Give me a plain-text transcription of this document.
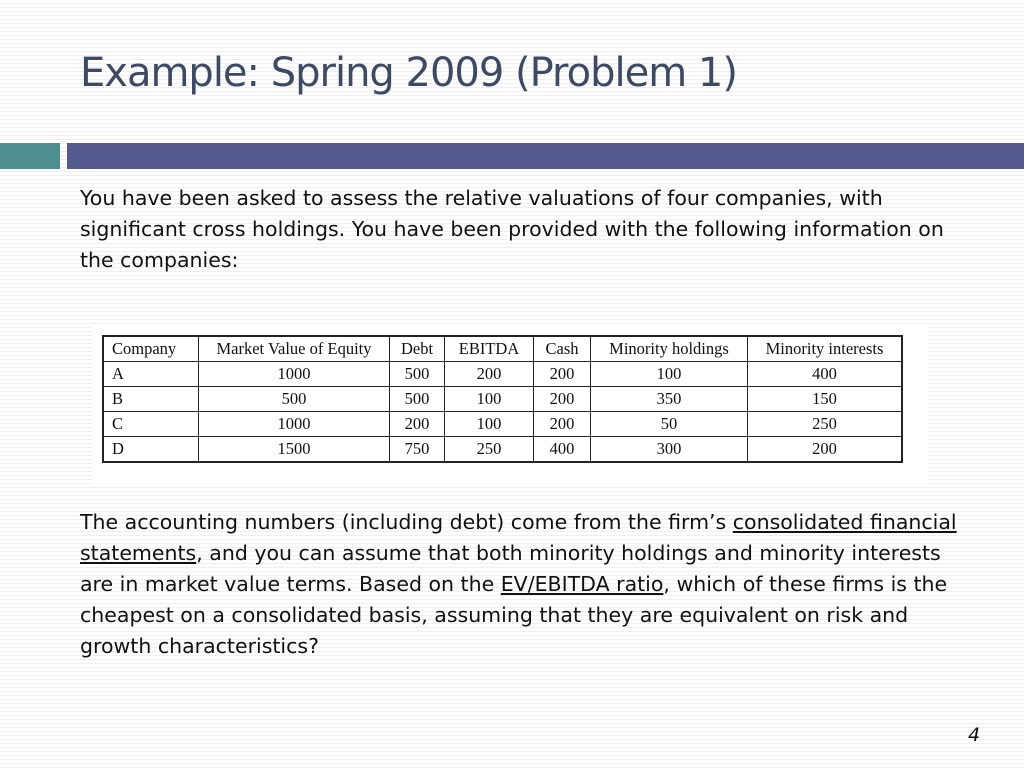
Example: Spring 2009 (Problem 1)

You have been asked to assess the relative valuations of four companies, with significant cross holdings. You have been provided with the following information on the companies:

Company	Market Value of Equity	Debt	EBITDA	Cash	Minority holdings	Minority interests
A	1000	500	200	200	100	400
B	500	500	100	200	350	150
C	1000	200	100	200	50	250
D	1500	750	250	400	300	200

The accounting numbers (including debt) come from the firm’s consolidated financial statements, and you can assume that both minority holdings and minority interests are in market value terms. Based on the EV/EBITDA ratio, which of these firms is the cheapest on a consolidated basis, assuming that they are equivalent on risk and growth characteristics?

4
